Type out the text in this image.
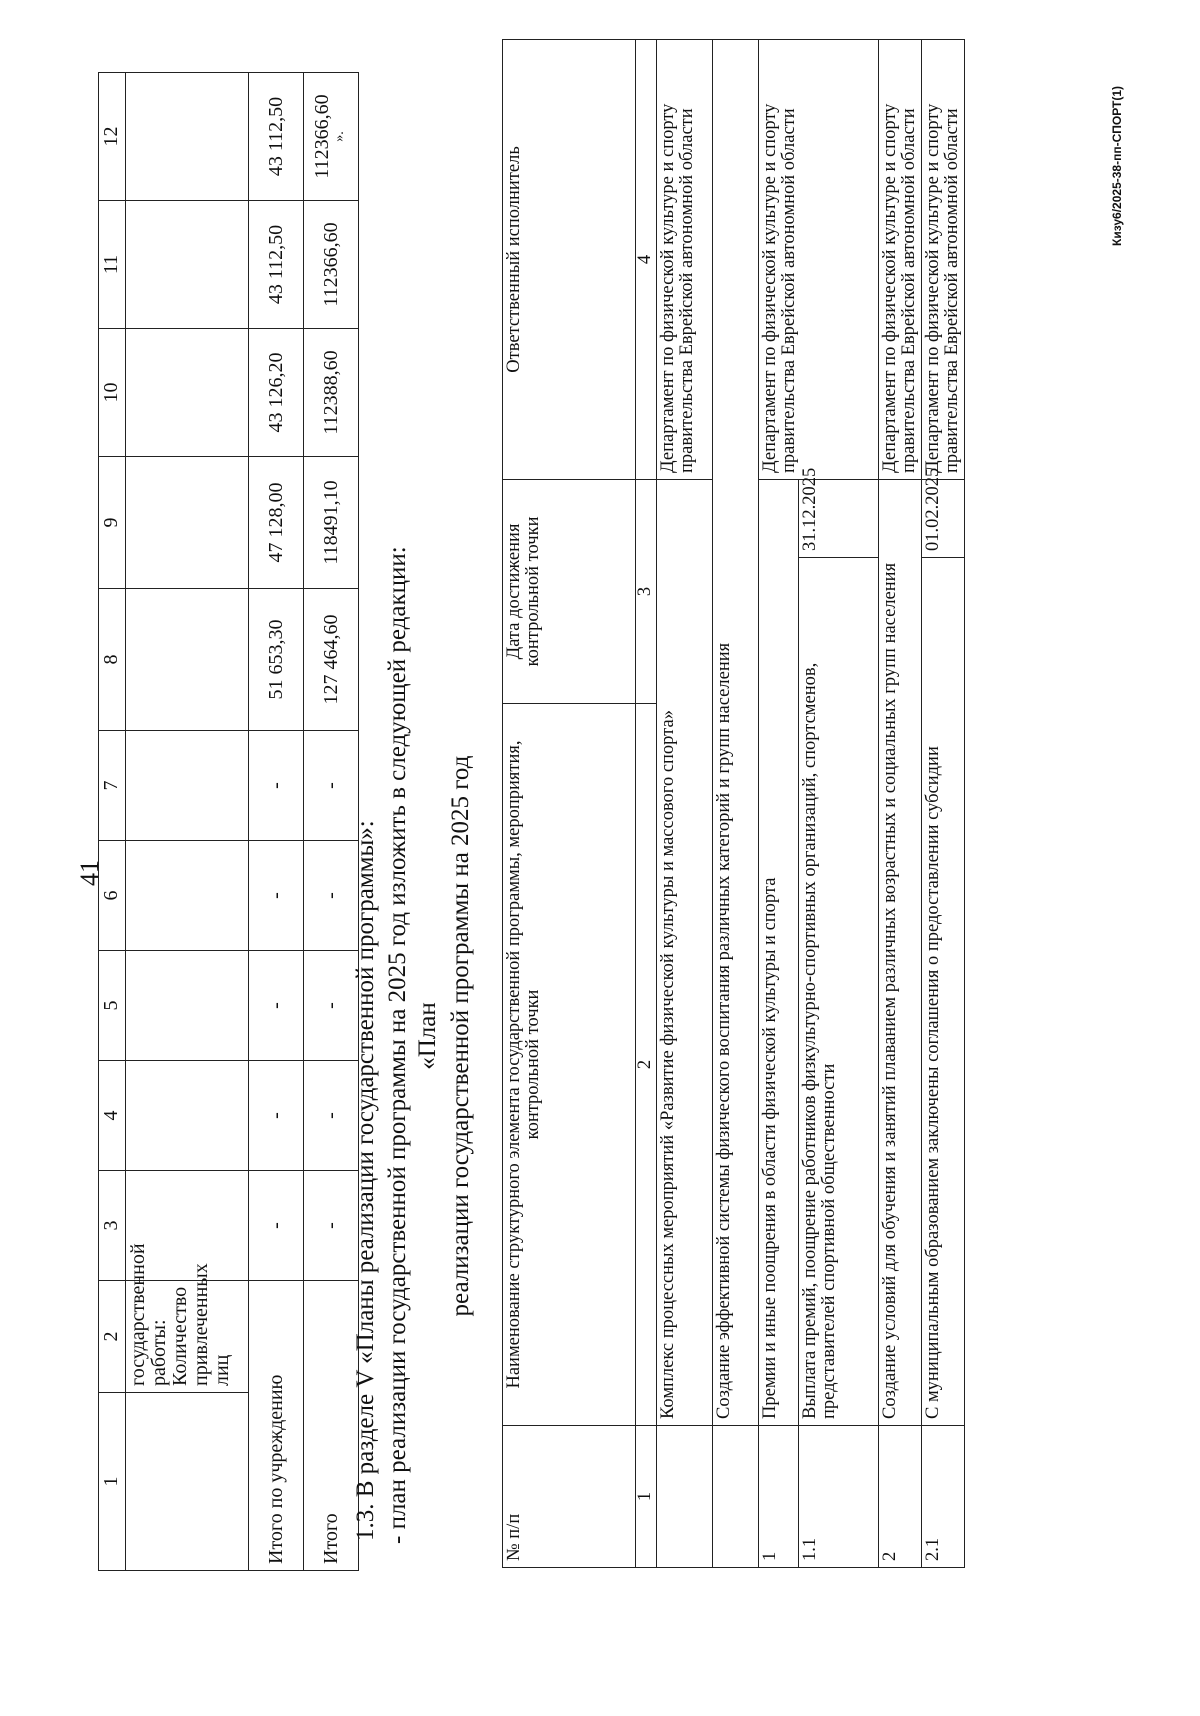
41
1	2	3	4	5	6	7	8	9	10	11	12
	государственной работы: Количество привлеченных лиц										
Итого по учреждению		-	-	-	-	-	51 653,30	47 128,00	43 126,20	43 112,50	43 112,50
Итого		-	-	-	-	-	127 464,60	118491,10	112388,60	112366,60	112366,60 ».
1.3. В разделе V «Планы реализации государственной программы»: - план реализации государственной программы на 2025 год изложить в следующей редакции: «План реализации государственной программы на 2025 год
№ п/п	Наименование структурного элемента государственной программы, мероприятия, контрольной точки	Дата достижения контрольной точки		Ответственный исполнитель
1	2	3		4
	Комплекс процессных мероприятий «Развитие физической культуры и массового спорта»			Департамент по физической культуре и спорту правительства Еврейской автономной области
	Создание эффективной системы физического воспитания различных категорий и групп населения			
1	Премии и иные поощрения в области физической культуры и спорта			Департамент по физической культуре и спорту правительства Еврейской автономной области
1.1	Выплата премий, поощрение работников физкультурно-спортивных организаций, спортсменов, представителей спортивной общественности		31.12.2025	
2	Создание условий для обучения и занятий плаванием различных возрастных и социальных групп населения			Департамент по физической культуре и спорту правительства Еврейской автономной области
2.1	С муниципальным образованием заключены соглашения о предоставлении субсидии		01.02.2025	Департамент по физической культуре и спорту правительства Еврейской автономной области	Кизу6/2025-38-пп-СПОРТ(1)
